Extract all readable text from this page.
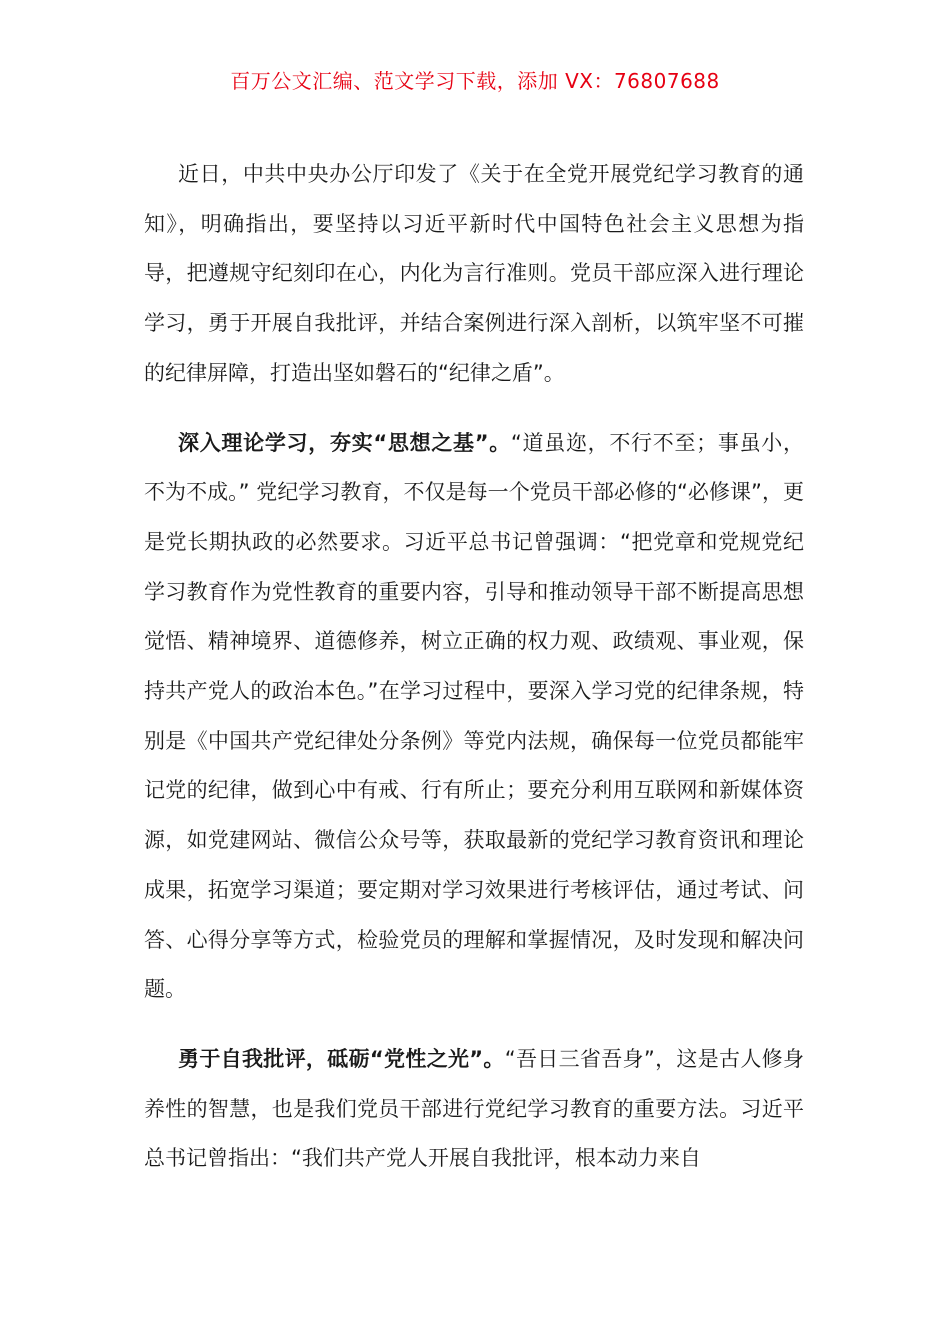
百万公文汇编、范文学习下载，添加 VX：76807688

近日，中共中央办公厅印发了《关于在全党开展党纪学习教育的通知》，明确指出，要坚持以习近平新时代中国特色社会主义思想为指导，把遵规守纪刻印在心，内化为言行准则。党员干部应深入进行理论学习，勇于开展自我批评，并结合案例进行深入剖析，以筑牢坚不可摧的纪律屏障，打造出坚如磐石的“纪律之盾”。

深入理论学习，夯实“思想之基”。“道虽迩，不行不至；事虽小，不为不成。” 党纪学习教育，不仅是每一个党员干部必修的“必修课”，更是党长期执政的必然要求。习近平总书记曾强调：“把党章和党规党纪学习教育作为党性教育的重要内容，引导和推动领导干部不断提高思想觉悟、精神境界、道德修养，树立正确的权力观、政绩观、事业观，保持共产党人的政治本色。”在学习过程中，要深入学习党的纪律条规，特别是《中国共产党纪律处分条例》等党内法规，确保每一位党员都能牢记党的纪律，做到心中有戒、行有所止；要充分利用互联网和新媒体资源，如党建网站、微信公众号等，获取最新的党纪学习教育资讯和理论成果，拓宽学习渠道；要定期对学习效果进行考核评估，通过考试、问答、心得分享等方式，检验党员的理解和掌握情况，及时发现和解决问题。

勇于自我批评，砥砺“党性之光”。“吾日三省吾身”，这是古人修身养性的智慧，也是我们党员干部进行党纪学习教育的重要方法。习近平总书记曾指出：“我们共产党人开展自我批评，根本动力来自
